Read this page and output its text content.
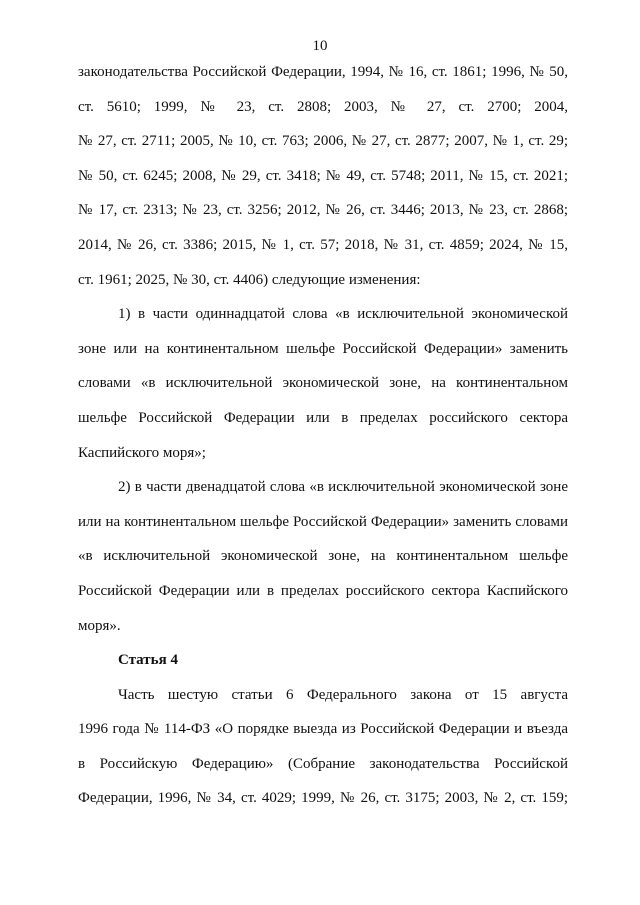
10
законодательства Российской Федерации, 1994, № 16, ст. 1861; 1996, № 50,
ст. 5610; 1999, № 23, ст. 2808; 2003, № 27, ст. 2700; 2004,
№ 27, ст. 2711; 2005, № 10, ст. 763; 2006, № 27, ст. 2877; 2007, № 1, ст. 29;
№ 50, ст. 6245; 2008, № 29, ст. 3418; № 49, ст. 5748; 2011, № 15, ст. 2021;
№ 17, ст. 2313; № 23, ст. 3256; 2012, № 26, ст. 3446; 2013, № 23, ст. 2868;
2014, № 26, ст. 3386; 2015, № 1, ст. 57; 2018, № 31, ст. 4859; 2024, № 15,
ст. 1961; 2025, № 30, ст. 4406) следующие изменения:
1) в части одиннадцатой слова «в исключительной экономической
зоне или на континентальном шельфе Российской Федерации» заменить
словами «в исключительной экономической зоне, на континентальном
шельфе Российской Федерации или в пределах российского сектора
Каспийского моря»;
2) в части двенадцатой слова «в исключительной экономической зоне
или на континентальном шельфе Российской Федерации» заменить словами
«в исключительной экономической зоне, на континентальном шельфе
Российской Федерации или в пределах российского сектора Каспийского
моря».
Статья 4
Часть шестую статьи 6 Федерального закона от 15 августа
1996 года № 114-ФЗ «О порядке выезда из Российской Федерации и въезда
в Российскую Федерацию» (Собрание законодательства Российской
Федерации, 1996, № 34, ст. 4029; 1999, № 26, ст. 3175; 2003, № 2, ст. 159;
